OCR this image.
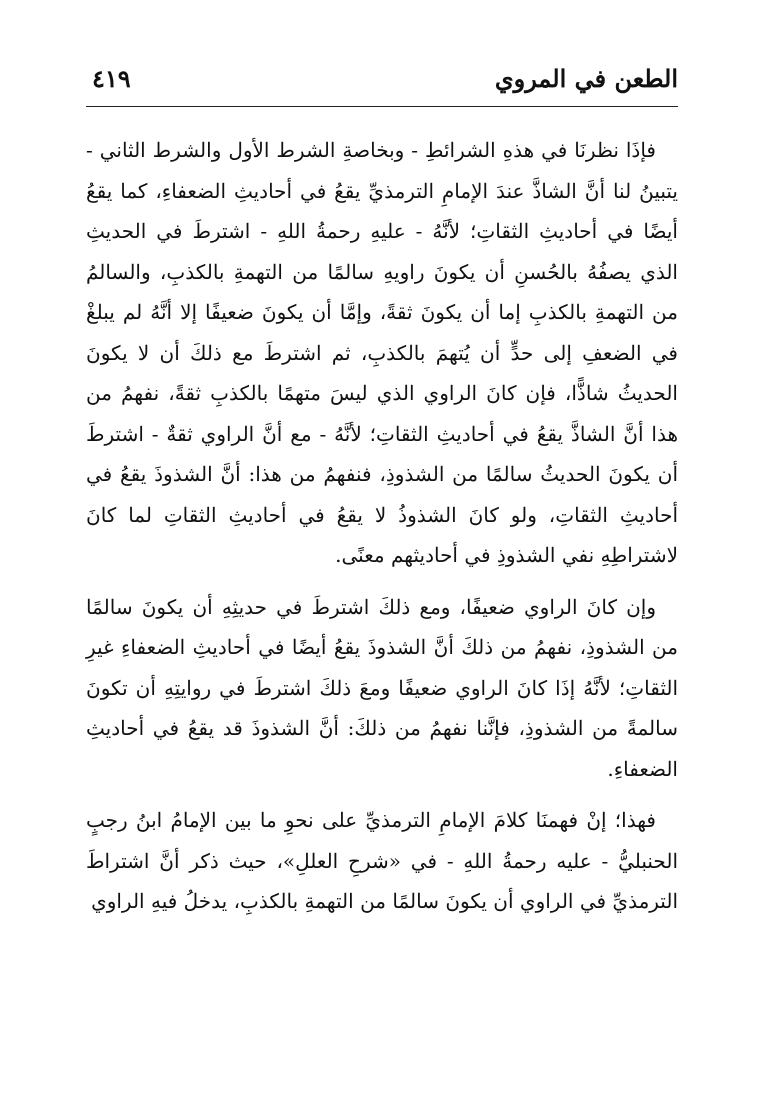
الطعن في المروي
٤١٩

فإذَا نظرنَا في هذهِ الشرائطِ - وبخاصةِ الشرط الأول والشرط الثاني - يتبينُ لنا أنَّ الشاذَّ عندَ الإمامِ الترمذيِّ يقعُ في أحاديثِ الضعفاءِ، كما يقعُ أيضًا في أحاديثِ الثقاتِ؛ لأنَّهُ - عليهِ رحمةُ اللهِ - اشترطَ في الحديثِ الذي يصفُهُ بالحُسنِ أن يكونَ راويهِ سالمًا من التهمةِ بالكذبِ، والسالمُ من التهمةِ بالكذبِ إما أن يكونَ ثقةً، وإمَّا أن يكونَ ضعيفًا إلا أنَّهُ لم يبلغْ في الضعفِ إلى حدٍّ أن يُتهمَ بالكذبِ، ثم اشترطَ مع ذلكَ أن لا يكونَ الحديثُ شاذًّا، فإن كانَ الراوي الذي ليسَ متهمًا بالكذبِ ثقةً، نفهمُ من هذا أنَّ الشاذَّ يقعُ في أحاديثِ الثقاتِ؛ لأنَّهُ - مع أنَّ الراوي ثقةٌ - اشترطَ أن يكونَ الحديثُ سالمًا من الشذوذِ، فنفهمُ من هذا: أنَّ الشذوذَ يقعُ في أحاديثِ الثقاتِ، ولو كانَ الشذوذُ لا يقعُ في أحاديثِ الثقاتِ لما كانَ لاشتراطِهِ نفي الشذوذِ في أحاديثهم معنًى.

وإن كانَ الراوي ضعيفًا، ومع ذلكَ اشترطَ في حديثِهِ أن يكونَ سالمًا من الشذوذِ، نفهمُ من ذلكَ أنَّ الشذوذَ يقعُ أيضًا في أحاديثِ الضعفاءِ غيرِ الثقاتِ؛ لأنَّهُ إذَا كانَ الراوي ضعيفًا ومعَ ذلكَ اشترطَ في روايتِهِ أن تكونَ سالمةً من الشذوذِ، فإنَّنا نفهمُ من ذلكَ: أنَّ الشذوذَ قد يقعُ في أحاديثِ الضعفاءِ.

فهذا؛ إنْ فهمنَا كلامَ الإمامِ الترمذيِّ على نحوِ ما بين الإمامُ ابنُ رجبٍ الحنبليُّ - عليه رحمةُ اللهِ - في «شرحِ العللِ»، حيث ذكر أنَّ اشتراطَ الترمذيِّ في الراوي أن يكونَ سالمًا من التهمةِ بالكذبِ، يدخلُ فيهِ الراوي
